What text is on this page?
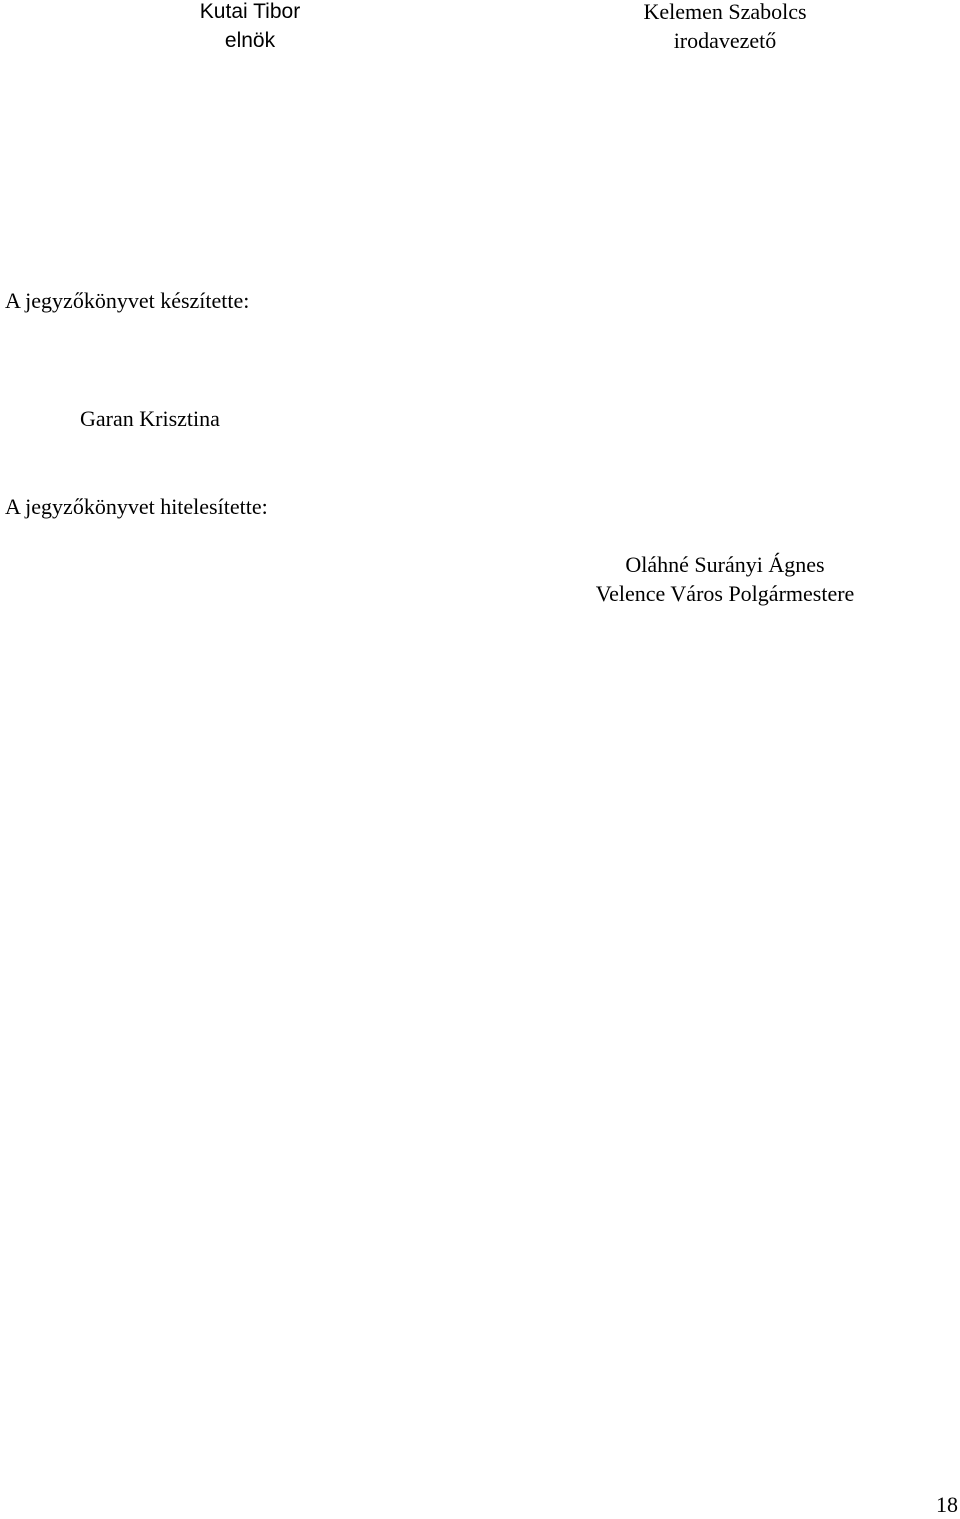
Kutai Tibor
elnök
Kelemen Szabolcs
irodavezető
A jegyzőkönyvet készítette:
Garan Krisztina
A jegyzőkönyvet hitelesítette:
Oláhné Surányi Ágnes
Velence Város Polgármestere
18
